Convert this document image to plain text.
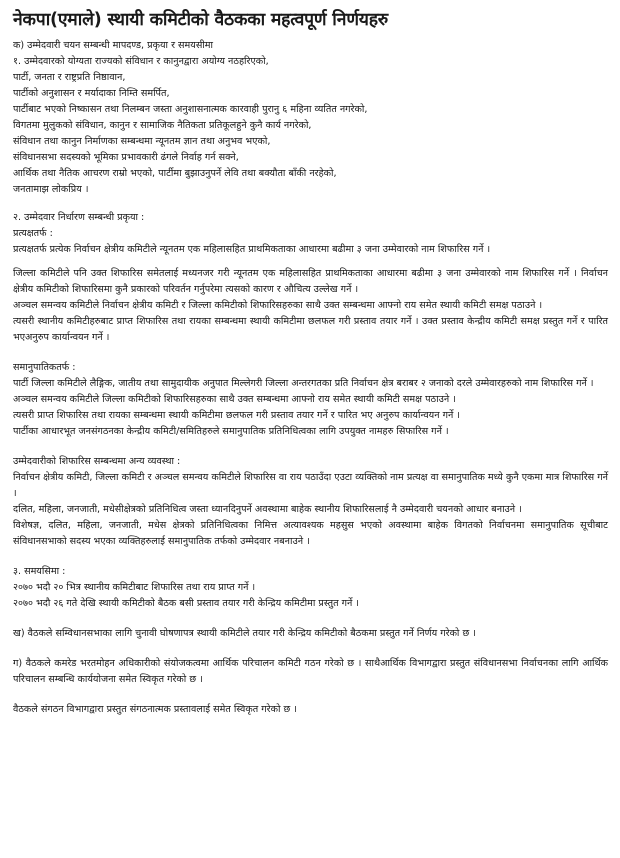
नेकपा(एमाले) स्थायी कमिटीको वैठकका महत्वपूर्ण निर्णयहरु

क) उम्मेदवारी चयन सम्बन्धी मापदण्ड, प्रकृया र समयसीमा

१. उम्मेदवारको योग्यता राज्यको संविधान र कानुनद्वारा अयोग्य नठहरिएको,

पार्टी, जनता र राष्ट्रप्रति निष्ठावान,

पार्टीको अनुशासन र मर्यादाका निम्ति समर्पित,

पार्टीबाट भएको निष्कासन तथा निलम्बन जस्ता अनुशासनात्मक कारवाही पुरानु ६ महिना व्यतित नगरेको,

विगतमा मुलुकको संविधान, कानुन र सामाजिक नैतिकता प्रतिकूलहुने कुनै कार्य नगरेको,

संविधान तथा कानुन निर्माणका सम्बन्धमा न्यूनतम ज्ञान तथा अनुभव भएको,

संविधानसभा सदस्यको भूमिका प्रभावकारी ढंगले निर्वाह गर्न सक्ने,

आर्थिक तथा नैतिक आचरण राम्रो भएको, पार्टीमा बुझाउनुपर्ने लेवि तथा बक्यौता बाँकी नरहेको,

जनतामाझ लोकप्रिय ।

२. उम्मेदवार निर्धारण सम्बन्धी प्रकृया :

प्रत्यक्षतर्फ :

प्रत्यक्षतर्फ प्रत्येक निर्वाचन क्षेत्रीय कमिटीले न्यूनतम एक महिलासहित प्राथमिकताका आधारमा बढीमा ३ जना उम्मेवारको नाम शिफारिस गर्ने ।

जिल्ला कमिटीले पनि उक्त शिफारिस समेतलाई मध्यनजर गरी न्यूनतम एक महिलासहित प्राथमिकताका आधारमा बढीमा ३ जना उम्मेवारको नाम शिफारिस गर्ने । निर्वाचन क्षेत्रीय कमिटीको शिफारिसमा कुनै प्रकारको परिवर्तन गर्नुपरेमा त्यसको कारण र औचित्य उल्लेख गर्ने ।

अञ्चल समन्वय कमिटीले निर्वाचन क्षेत्रीय कमिटी र जिल्ला कमिटीको शिफारिसहरुका साथै उक्त सम्बन्धमा आफ्नो राय समेत स्थायी कमिटी समक्ष पठाउने ।

त्यसरी स्थानीय कमिटीहरुबाट प्राप्त शिफारिस तथा रायका सम्बन्धमा स्थायी कमिटीमा छलफल गरी प्रस्ताव तयार गर्ने । उक्त प्रस्ताव केन्द्रीय कमिटी समक्ष प्रस्तुत गर्ने र पारित भएअनुरुप कार्यान्वयन गर्ने ।

समानुपातिकतर्फ :

पार्टी जिल्ला कमिटीले लैङ्गिक, जातीय तथा सामुदायीक अनुपात मिल्लेगरी जिल्ला अन्तरगतका प्रति निर्वाचन क्षेत्र बराबर २ जनाको दरले उम्मेवारहरुको नाम शिफारिस गर्ने ।

अञ्चल समन्वय कमिटीले जिल्ला कमिटीको शिफारिसहरुका साथै उक्त सम्बन्धमा आफ्नो राय समेत स्थायी कमिटी समक्ष पठाउने ।

त्यसरी प्राप्त शिफारिस तथा रायका सम्बन्धमा स्थायी कमिटीमा छलफल गरी प्रस्ताव तयार गर्ने र पारित भए अनुरुप कार्यान्वयन गर्ने ।

पार्टीका आधारभूत जनसंगठनका केन्द्रीय कमिटी/समितिहरुले समानुपातिक प्रतिनिधित्वका लागि उपयुक्त नामहरु सिफारिस गर्ने ।

उम्मेदवारीको शिफारिस सम्बन्धमा अन्य व्यवस्था :

निर्वाचन क्षेत्रीय कमिटी, जिल्ला कमिटी र अञ्चल समन्वय कमिटीले शिफारिस वा राय पठाउँदा एउटा व्यक्तिको नाम प्रत्यक्ष वा समानुपातिक मध्ये कुनै एकमा मात्र शिफारिस गर्ने ।

दलित, महिला, जनजाती, मधेसीक्षेत्रको प्रतिनिधित्व जस्ता ध्यानदिनुपर्ने अवस्थामा बाहेक स्थानीय शिफारिसलाई नै उम्मेदवारी चयनको आधार बनाउने ।

विशेषज्ञ, दलित, महिला, जनजाती, मधेस क्षेत्रको प्रतिनिधित्वका निमित्त अत्यावश्यक महसुस भएको अवस्थामा बाहेक विगतको निर्वाचनमा समानुपातिक सूचीबाट संविधानसभाको सदस्य भएका व्यक्तिहरुलाई समानुपातिक तर्फको उम्मेदवार नबनाउने ।

३. समयसिमा :

२०७० भदौ २० भित्र स्थानीय कमिटीबाट शिफारिस तथा राय प्राप्त गर्ने ।

२०७० भदौ २६ गते देखि स्थायी कमिटीको बैठक बसी प्रस्ताव तयार गरी केन्द्रिय कमिटीमा प्रस्तुत गर्ने ।

ख) वैठकले सम्विधानसभाका लागि चुनावी घोषणापत्र स्थायी कमिटीले तयार गरी केन्द्रिय कमिटीको बैठकमा प्रस्तुत गर्ने निर्णय गरेको छ ।

ग) वैठकले कमरेड भरतमोहन अधिकारीको संयोजकत्वमा आर्थिक परिचालन कमिटी गठन गरेको छ । साथैआर्थिक विभागद्वारा प्रस्तुत संविधानसभा निर्वाचनका लागि आर्थिक परिचालन सम्बन्धि कार्ययोजना समेत स्विकृत गरेको छ ।

वैठकले संगठन विभागद्वारा प्रस्तुत संगठनात्मक प्रस्तावलाई समेत स्विकृत गरेको छ ।
